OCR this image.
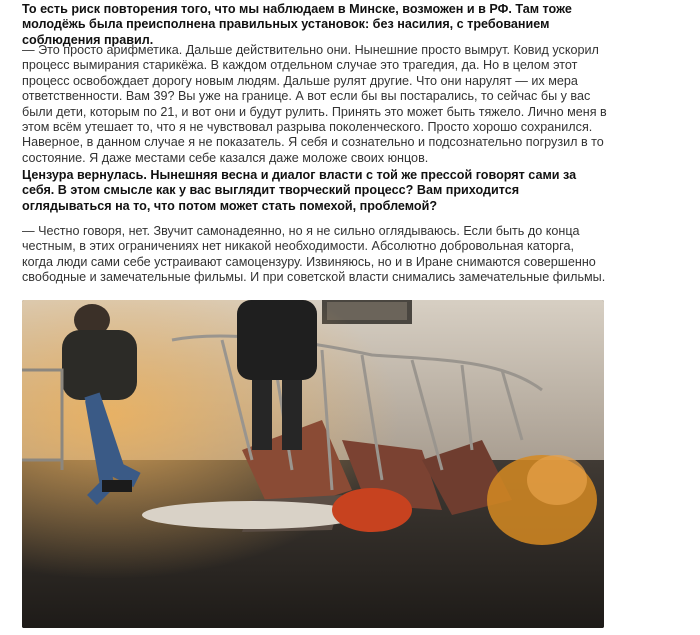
То есть риск повторения того, что мы наблюдаем в Минске, возможен и в РФ. Там тоже молодёжь была преисполнена правильных установок: без насилия, с требованием соблюдения правил.

— Это просто арифметика. Дальше действительно они. Нынешние просто вымрут. Ковид ускорил процесс вымирания старикёжа. В каждом отдельном случае это трагедия, да. Но в целом этот процесс освобождает дорогу новым людям. Дальше рулят другие. Что они нарулят — их мера ответственности. Вам 39? Вы уже на границе. А вот если бы вы постарались, то сейчас бы у вас были дети, которым по 21, и вот они и будут рулить. Принять это может быть тяжело. Лично меня в этом всём утешает то, что я не чувствовал разрыва поколенческого. Просто хорошо сохранился. Наверное, в данном случае я не показатель. Я себя и сознательно и подсознательно погрузил в то состояние. Я даже местами себе казался даже моложе своих юнцов.

Цензура вернулась. Нынешняя весна и диалог власти с той же прессой говорят сами за себя. В этом смысле как у вас выглядит творческий процесс? Вам приходится оглядываться на то, что потом может стать помехой, проблемой?

— Честно говоря, нет. Звучит самонадеянно, но я не сильно оглядываюсь. Если быть до конца честным, в этих ограничениях нет никакой необходимости. Абсолютно добровольная каторга, когда люди сами себе устраивают самоцензуру. Извиняюсь, но и в Иране снимаются совершенно свободные и замечательные фильмы. И при советской власти снимались замечательные фильмы.
